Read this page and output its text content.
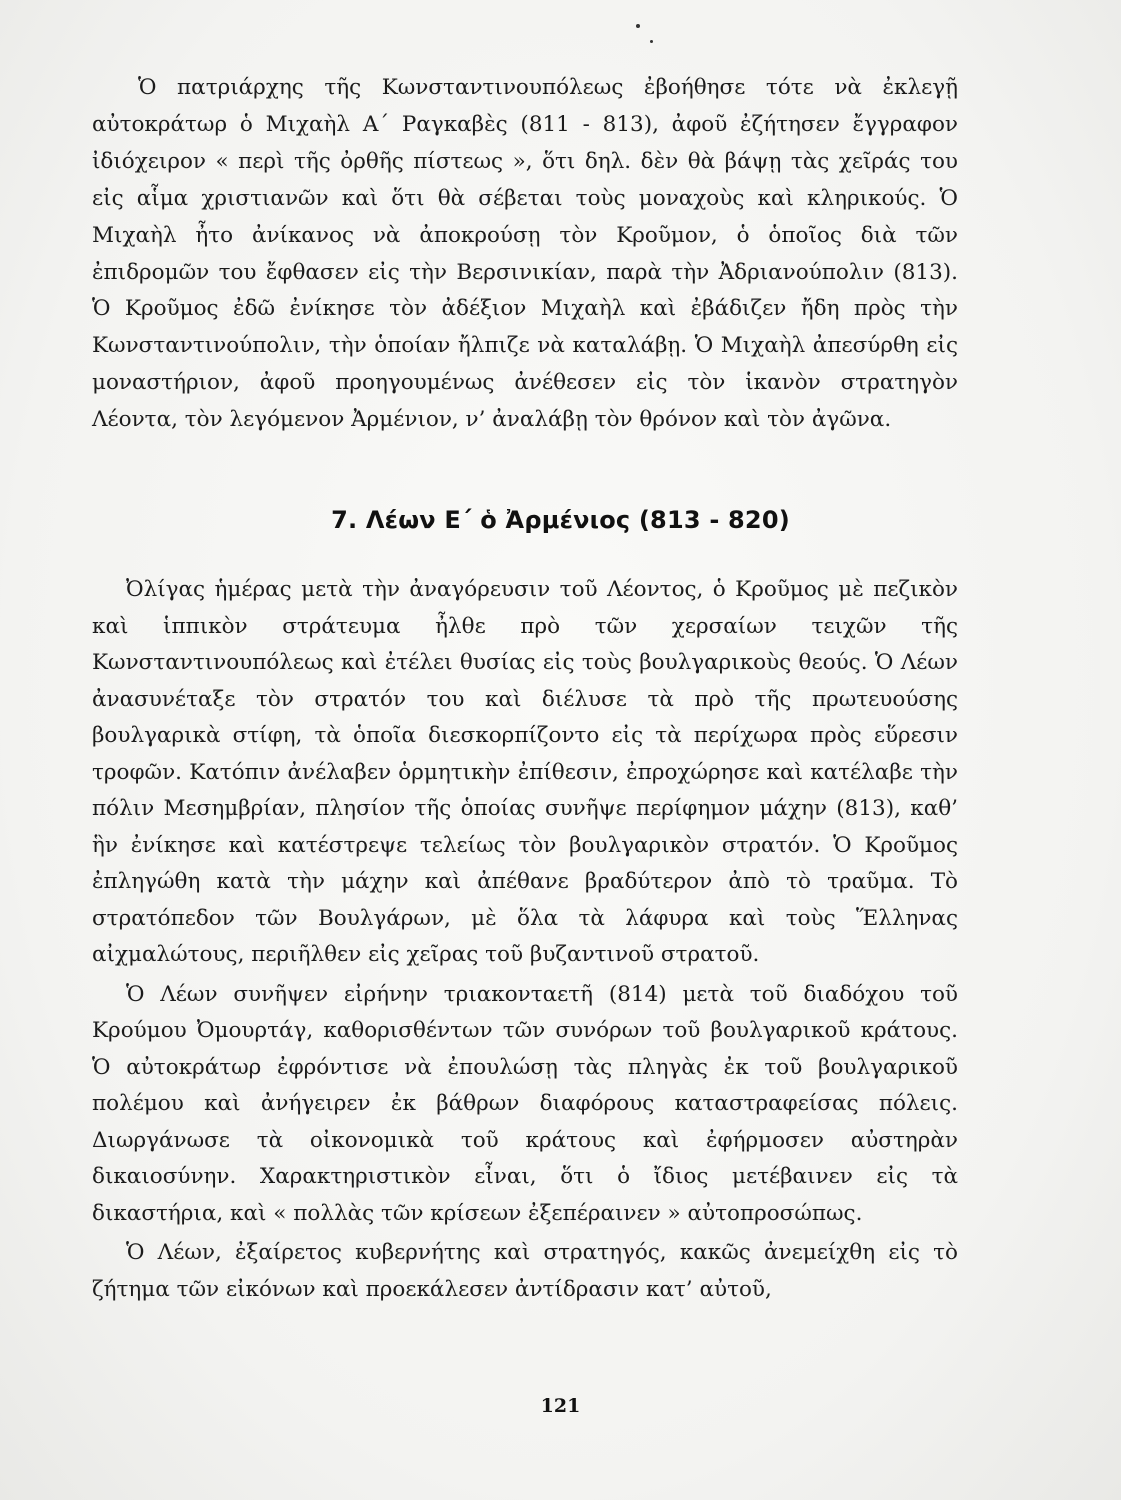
Ὁ πατριάρχης τῆς Κωνσταντινουπόλεως ἐβοήθησε τότε νὰ ἐκλεγῇ αὐτοκράτωρ ὁ Μιχαὴλ Α΄ Ραγκαβὲς (811 - 813), ἀφοῦ ἐζήτησεν ἔγγραφον ἰδιόχειρον « περὶ τῆς ὀρθῆς πίστεως », ὅτι δηλ. δὲν θὰ βάψῃ τὰς χεῖράς του εἰς αἷμα χριστιανῶν καὶ ὅτι θὰ σέβεται τοὺς μοναχοὺς καὶ κληρικούς. Ὁ Μιχαὴλ ἦτο ἀνίκανος νὰ ἀποκρούσῃ τὸν Κροῦμον, ὁ ὁποῖος διὰ τῶν ἐπιδρομῶν του ἔφθασεν εἰς τὴν Βερσινικίαν, παρὰ τὴν Ἀδριανούπολιν (813). Ὁ Κροῦμος ἐδῶ ἐνίκησε τὸν ἀδέξιον Μιχαὴλ καὶ ἐβάδιζεν ἤδη πρὸς τὴν Κωνσταντινούπολιν, τὴν ὁποίαν ἤλπιζε νὰ καταλάβῃ. Ὁ Μιχαὴλ ἀπεσύρθη εἰς μοναστήριον, ἀφοῦ προηγουμένως ἀνέθεσεν εἰς τὸν ἱκανὸν στρατηγὸν Λέοντα, τὸν λεγόμενον Ἀρμένιον, ν’ ἀναλάβῃ τὸν θρόνον καὶ τὸν ἀγῶνα.

7. Λέων Ε΄ ὁ Ἀρμένιος (813 - 820)

Ὀλίγας ἡμέρας μετὰ τὴν ἀναγόρευσιν τοῦ Λέοντος, ὁ Κροῦμος μὲ πεζικὸν καὶ ἱππικὸν στράτευμα ἦλθε πρὸ τῶν χερσαίων τειχῶν τῆς Κωνσταντινουπόλεως καὶ ἐτέλει θυσίας εἰς τοὺς βουλγαρικοὺς θεούς. Ὁ Λέων ἀνασυνέταξε τὸν στρατόν του καὶ διέλυσε τὰ πρὸ τῆς πρωτευούσης βουλγαρικὰ στίφη, τὰ ὁποῖα διεσκορπίζοντο εἰς τὰ περίχωρα πρὸς εὕρεσιν τροφῶν. Κατόπιν ἀνέλαβεν ὁρμητικὴν ἐπίθεσιν, ἐπροχώρησε καὶ κατέλαβε τὴν πόλιν Μεσημβρίαν, πλησίον τῆς ὁποίας συνῆψε περίφημον μάχην (813), καθ’ ἣν ἐνίκησε καὶ κατέστρεψε τελείως τὸν βουλγαρικὸν στρατόν. Ὁ Κροῦμος ἐπληγώθη κατὰ τὴν μάχην καὶ ἀπέθανε βραδύτερον ἀπὸ τὸ τραῦμα. Τὸ στρατόπεδον τῶν Βουλγάρων, μὲ ὅλα τὰ λάφυρα καὶ τοὺς Ἕλληνας αἰχμαλώτους, περιῆλθεν εἰς χεῖρας τοῦ βυζαντινοῦ στρατοῦ.

Ὁ Λέων συνῆψεν εἰρήνην τριακονταετῆ (814) μετὰ τοῦ διαδόχου τοῦ Κρούμου Ὀμουρτάγ, καθορισθέντων τῶν συνόρων τοῦ βουλγαρικοῦ κράτους. Ὁ αὐτοκράτωρ ἐφρόντισε νὰ ἐπουλώσῃ τὰς πληγὰς ἐκ τοῦ βουλγαρικοῦ πολέμου καὶ ἀνήγειρεν ἐκ βάθρων διαφόρους καταστραφείσας πόλεις. Διωργάνωσε τὰ οἰκονομικὰ τοῦ κράτους καὶ ἐφήρμοσεν αὐστηρὰν δικαιοσύνην. Χαρακτηριστικὸν εἶναι, ὅτι ὁ ἴδιος μετέβαινεν εἰς τὰ δικαστήρια, καὶ « πολλὰς τῶν κρίσεων ἐξεπέραινεν » αὐτοπροσώπως.

Ὁ Λέων, ἐξαίρετος κυβερνήτης καὶ στρατηγός, κακῶς ἀνεμείχθη εἰς τὸ ζήτημα τῶν εἰκόνων καὶ προεκάλεσεν ἀντίδρασιν κατ’ αὐτοῦ,

121
